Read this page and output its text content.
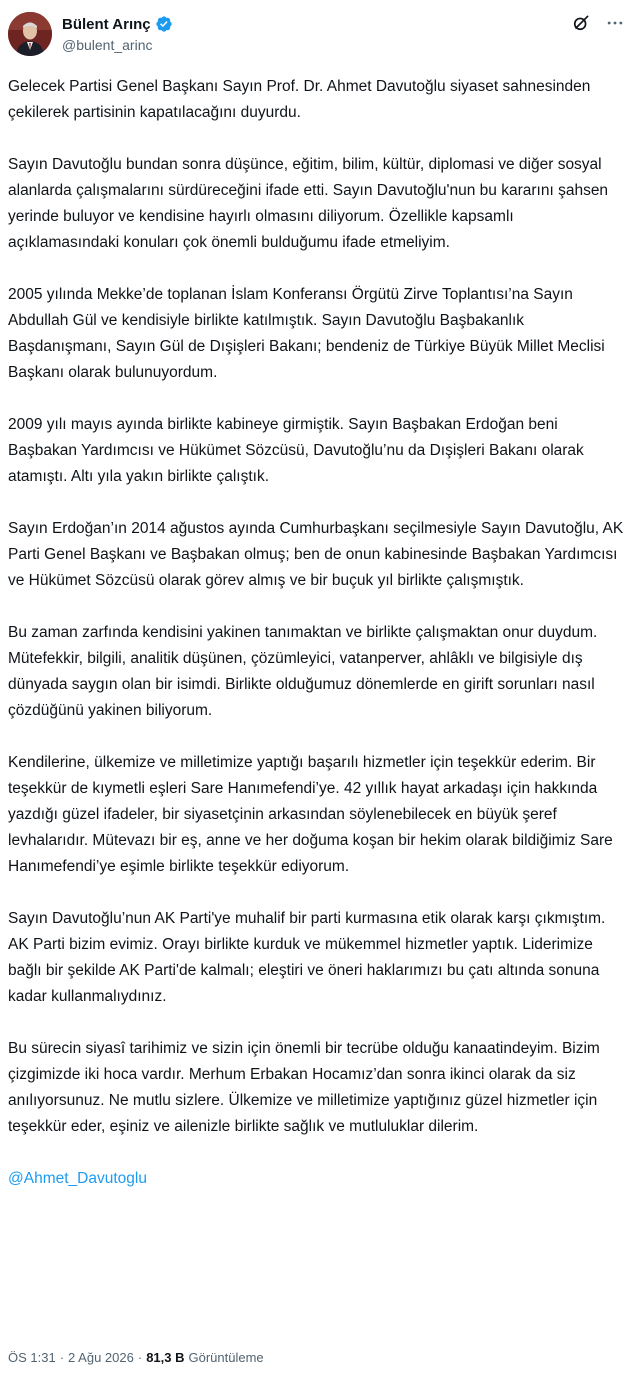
Bülent Arınç
@bulent_arinc

Gelecek Partisi Genel Başkanı Sayın Prof. Dr. Ahmet Davutoğlu siyaset sahnesinden çekilerek partisinin kapatılacağını duyurdu.

Sayın Davutoğlu bundan sonra düşünce, eğitim, bilim, kültür, diplomasi ve diğer sosyal alanlarda çalışmalarını sürdüreceğini ifade etti. Sayın Davutoğlu'nun bu kararını şahsen yerinde buluyor ve kendisine hayırlı olmasını diliyorum. Özellikle kapsamlı açıklamasındaki konuları çok önemli bulduğumu ifade etmeliyim.

2005 yılında Mekke’de toplanan İslam Konferansı Örgütü Zirve Toplantısı’na Sayın Abdullah Gül ve kendisiyle birlikte katılmıştık. Sayın Davutoğlu Başbakanlık Başdanışmanı, Sayın Gül de Dışişleri Bakanı; bendeniz de Türkiye Büyük Millet Meclisi Başkanı olarak bulunuyordum.

2009 yılı mayıs ayında birlikte kabineye girmiştik. Sayın Başbakan Erdoğan beni Başbakan Yardımcısı ve Hükümet Sözcüsü, Davutoğlu’nu da Dışişleri Bakanı olarak atamıştı. Altı yıla yakın birlikte çalıştık.

Sayın Erdoğan’ın 2014 ağustos ayında Cumhurbaşkanı seçilmesiyle Sayın Davutoğlu, AK Parti Genel Başkanı ve Başbakan olmuş; ben de onun kabinesinde Başbakan Yardımcısı ve Hükümet Sözcüsü olarak görev almış ve bir buçuk yıl birlikte çalışmıştık.

Bu zaman zarfında kendisini yakinen tanımaktan ve birlikte çalışmaktan onur duydum. Mütefekkir, bilgili, analitik düşünen, çözümleyici, vatanperver, ahlâklı ve bilgisiyle dış dünyada saygın olan bir isimdi. Birlikte olduğumuz dönemlerde en girift sorunları nasıl çözdüğünü yakinen biliyorum.

Kendilerine, ülkemize ve milletimize yaptığı başarılı hizmetler için teşekkür ederim. Bir teşekkür de kıymetli eşleri Sare Hanımefendi’ye. 42 yıllık hayat arkadaşı için hakkında yazdığı güzel ifadeler, bir siyasetçinin arkasından söylenebilecek en büyük şeref levhalarıdır. Mütevazı bir eş, anne ve her doğuma koşan bir hekim olarak bildiğimiz Sare Hanımefendi’ye eşimle birlikte teşekkür ediyorum.

Sayın Davutoğlu’nun AK Parti'ye muhalif bir parti kurmasına etik olarak karşı çıkmıştım. AK Parti bizim evimiz. Orayı birlikte kurduk ve mükemmel hizmetler yaptık. Liderimize bağlı bir şekilde AK Parti'de kalmalı; eleştiri ve öneri haklarımızı bu çatı altında sonuna kadar kullanmalıydınız.

Bu sürecin siyasî tarihimiz ve sizin için önemli bir tecrübe olduğu kanaatindeyim. Bizim çizgimizde iki hoca vardır. Merhum Erbakan Hocamız’dan sonra ikinci olarak da siz anılıyorsunuz. Ne mutlu sizlere. Ülkemize ve milletimize yaptığınız güzel hizmetler için teşekkür eder, eşiniz ve ailenizle birlikte sağlık ve mutluluklar dilerim.

@Ahmet_Davutoglu

ÖS 1:31 · 2 Ağu 2026 · 81,3 B Görüntüleme
